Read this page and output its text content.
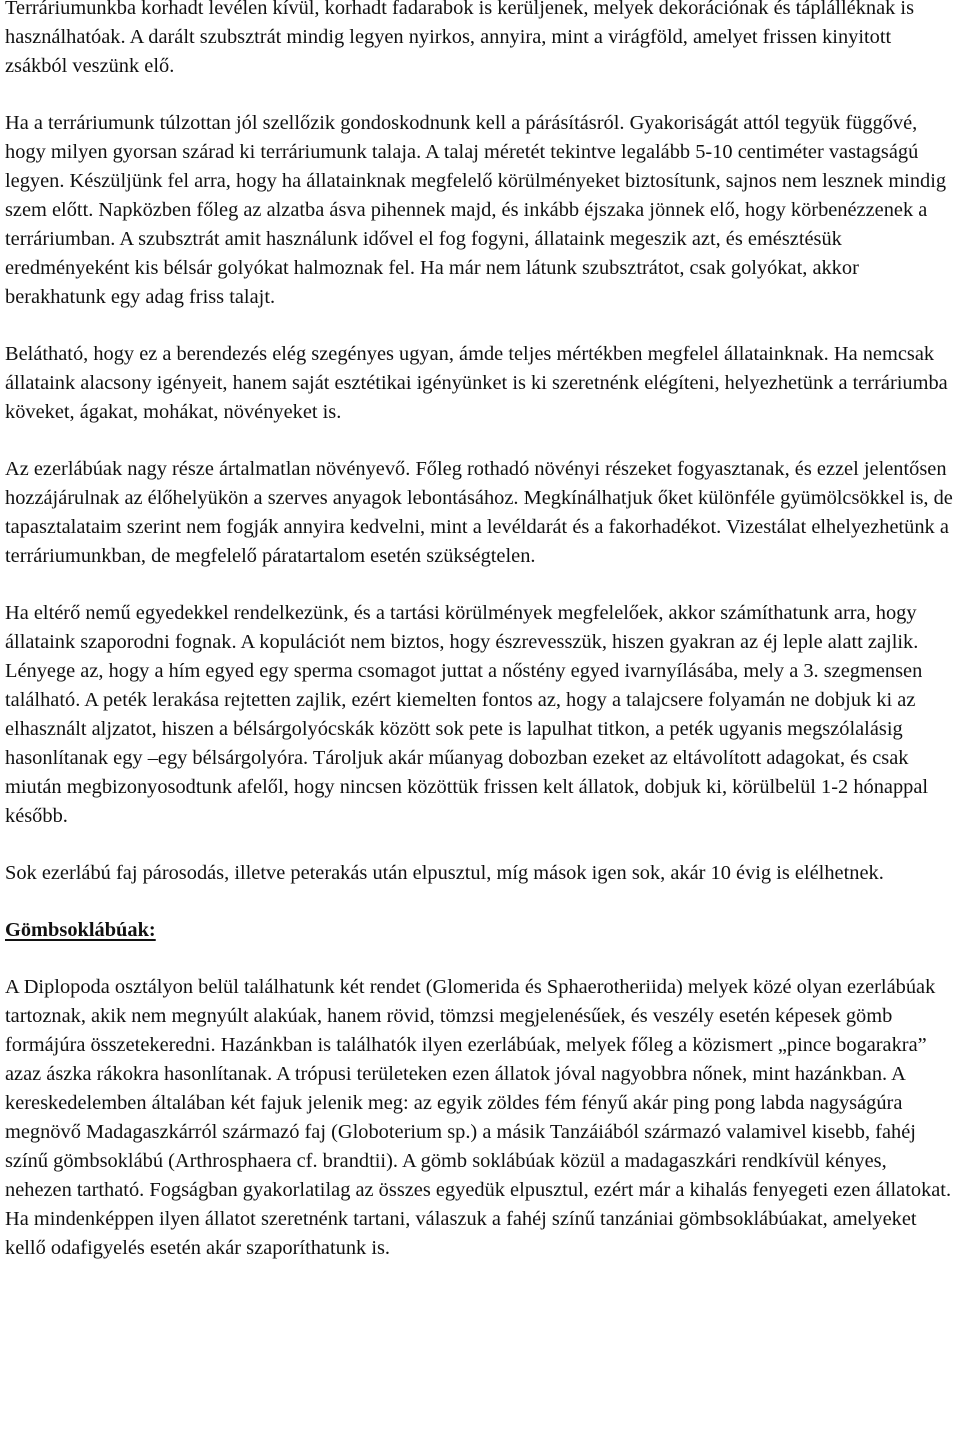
Terráriumunkba korhadt levélen kívül, korhadt fadarabok is kerüljenek, melyek dekorációnak és táplálléknak is használhatóak. A darált szubsztrát mindig legyen nyirkos, annyira, mint a virágföld, amelyet frissen kinyitott zsákból veszünk elő.

Ha a terráriumunk túlzottan jól szellőzik gondoskodnunk kell a párásításról. Gyakoriságát attól tegyük függővé, hogy milyen gyorsan szárad ki terráriumunk talaja. A talaj méretét tekintve legalább 5-10 centiméter vastagságú legyen. Készüljünk fel arra, hogy ha állatainknak megfelelő körülményeket biztosítunk, sajnos nem lesznek mindig szem előtt. Napközben főleg az alzatba ásva pihennek majd, és inkább éjszaka jönnek elő, hogy körbenézzenek a terráriumban. A szubsztrát amit használunk idővel el fog fogyni, állataink megeszik azt, és emésztésük eredményeként kis bélsár golyókat halmoznak fel. Ha már nem látunk szubsztrátot, csak golyókat, akkor berakhatunk egy adag friss talajt.

Belátható, hogy ez a berendezés elég szegényes ugyan, ámde teljes mértékben megfelel állatainknak. Ha nemcsak állataink alacsony igényeit, hanem saját esztétikai igényünket is ki szeretnénk elégíteni, helyezhetünk a terráriumba köveket, ágakat, mohákat, növényeket is.

Az ezerlábúak nagy része ártalmatlan növényevő. Főleg rothadó növényi részeket fogyasztanak, és ezzel jelentősen hozzájárulnak az élőhelyükön a szerves anyagok lebontásához. Megkínálhatjuk őket különféle gyümölcsökkel is, de tapasztalataim szerint nem fogják annyira kedvelni, mint a levéldarát és a fakorhadékot. Vizestálat elhelyezhetünk a terráriumunkban, de megfelelő páratartalom esetén szükségtelen.

Ha eltérő nemű egyedekkel rendelkezünk, és a tartási körülmények megfelelőek, akkor számíthatunk arra, hogy állataink szaporodni fognak. A kopulációt nem biztos, hogy észrevesszük, hiszen gyakran az éj leple alatt zajlik. Lényege az, hogy a hím egyed egy sperma csomagot juttat a nőstény egyed ivarnyílásába, mely a 3. szegmensen található. A peték lerakása rejtetten zajlik, ezért kiemelten fontos az, hogy a talajcsere folyamán ne dobjuk ki az elhasznált aljzatot, hiszen a bélsárgolyócskák között sok pete is lapulhat titkon, a peték ugyanis megszólalásig hasonlítanak egy –egy bélsárgolyóra. Tároljuk akár műanyag dobozban ezeket az eltávolított adagokat, és csak miután megbizonyosodtunk afelől, hogy nincsen közöttük frissen kelt állatok, dobjuk ki, körülbelül 1-2 hónappal később.

Sok ezerlábú faj párosodás, illetve peterakás után elpusztul, míg mások igen sok, akár 10 évig is elélhetnek.

Gömbsoklábúak:

A Diplopoda osztályon belül találhatunk két rendet (Glomerida és Sphaerotheriida) melyek közé olyan ezerlábúak tartoznak, akik nem megnyúlt alakúak, hanem rövid, tömzsi megjelenésűek, és veszély esetén képesek gömb formájúra összetekeredni. Hazánkban is találhatók ilyen ezerlábúak, melyek főleg a közismert „pince bogarakra” azaz ászka rákokra hasonlítanak. A trópusi területeken ezen állatok jóval nagyobbra nőnek, mint hazánkban. A kereskedelemben általában két fajuk jelenik meg: az egyik zöldes fém fényű akár ping pong labda nagyságúra megnövő Madagaszkárról származó faj (Globoterium sp.) a másik Tanzáiából származó valamivel kisebb, fahéj színű gömbsoklábú (Arthrosphaera cf. brandtii). A gömb soklábúak közül a madagaszkári rendkívül kényes, nehezen tartható. Fogságban gyakorlatilag az összes egyedük elpusztul, ezért már a kihalás fenyegeti ezen állatokat. Ha mindenképpen ilyen állatot szeretnénk tartani, válaszuk a fahéj színű tanzániai gömbsoklábúakat, amelyeket kellő odafigyelés esetén akár szaporíthatunk is.
